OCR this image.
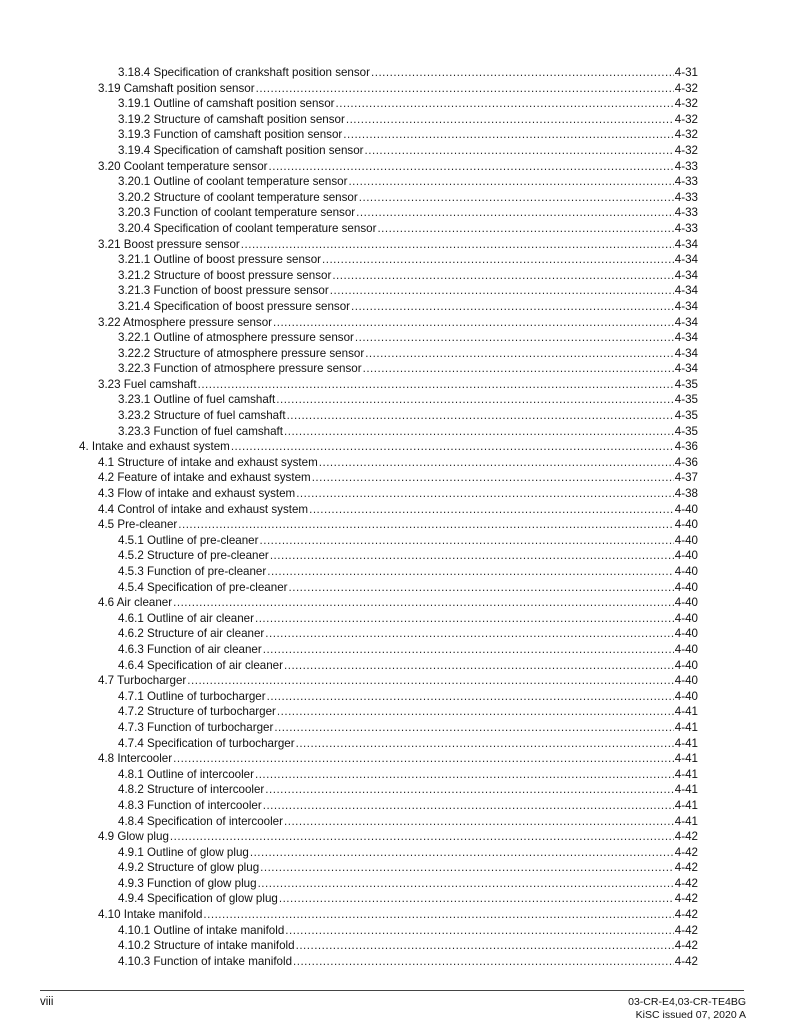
3.18.4 Specification of crankshaft position sensor .....	4-31
3.19 Camshaft position sensor .....	4-32
3.19.1 Outline of camshaft position sensor .....	4-32
3.19.2 Structure of camshaft position sensor .....	4-32
3.19.3 Function of camshaft position sensor .....	4-32
3.19.4 Specification of camshaft position sensor .....	4-32
3.20 Coolant temperature sensor .....	4-33
3.20.1 Outline of coolant temperature sensor .....	4-33
3.20.2 Structure of coolant temperature sensor .....	4-33
3.20.3 Function of coolant temperature sensor .....	4-33
3.20.4 Specification of coolant temperature sensor .....	4-33
3.21 Boost pressure sensor .....	4-34
3.21.1 Outline of boost pressure sensor .....	4-34
3.21.2 Structure of boost pressure sensor .....	4-34
3.21.3 Function of boost pressure sensor .....	4-34
3.21.4 Specification of boost pressure sensor .....	4-34
3.22 Atmosphere pressure sensor .....	4-34
3.22.1 Outline of atmosphere pressure sensor .....	4-34
3.22.2 Structure of atmosphere pressure sensor .....	4-34
3.22.3 Function of atmosphere pressure sensor .....	4-34
3.23 Fuel camshaft .....	4-35
3.23.1 Outline of fuel camshaft .....	4-35
3.23.2 Structure of fuel camshaft .....	4-35
3.23.3 Function of fuel camshaft .....	4-35
4. Intake and exhaust system .....	4-36
4.1 Structure of intake and exhaust system .....	4-36
4.2 Feature of intake and exhaust system .....	4-37
4.3 Flow of intake and exhaust system .....	4-38
4.4 Control of intake and exhaust system .....	4-40
4.5 Pre-cleaner .....	4-40
4.5.1 Outline of pre-cleaner .....	4-40
4.5.2 Structure of pre-cleaner .....	4-40
4.5.3 Function of pre-cleaner .....	4-40
4.5.4 Specification of pre-cleaner .....	4-40
4.6 Air cleaner .....	4-40
4.6.1 Outline of air cleaner .....	4-40
4.6.2 Structure of air cleaner .....	4-40
4.6.3 Function of air cleaner .....	4-40
4.6.4 Specification of air cleaner .....	4-40
4.7 Turbocharger .....	4-40
4.7.1 Outline of turbocharger .....	4-40
4.7.2 Structure of turbocharger .....	4-41
4.7.3 Function of turbocharger .....	4-41
4.7.4 Specification of turbocharger .....	4-41
4.8 Intercooler .....	4-41
4.8.1 Outline of intercooler .....	4-41
4.8.2 Structure of intercooler .....	4-41
4.8.3 Function of intercooler .....	4-41
4.8.4 Specification of intercooler .....	4-41
4.9 Glow plug .....	4-42
4.9.1 Outline of glow plug .....	4-42
4.9.2 Structure of glow plug .....	4-42
4.9.3 Function of glow plug .....	4-42
4.9.4 Specification of glow plug .....	4-42
4.10 Intake manifold .....	4-42
4.10.1 Outline of intake manifold .....	4-42
4.10.2 Structure of intake manifold .....	4-42
4.10.3 Function of intake manifold .....	4-42
viii	03-CR-E4,03-CR-TE4BG
KiSC issued 07, 2020 A
